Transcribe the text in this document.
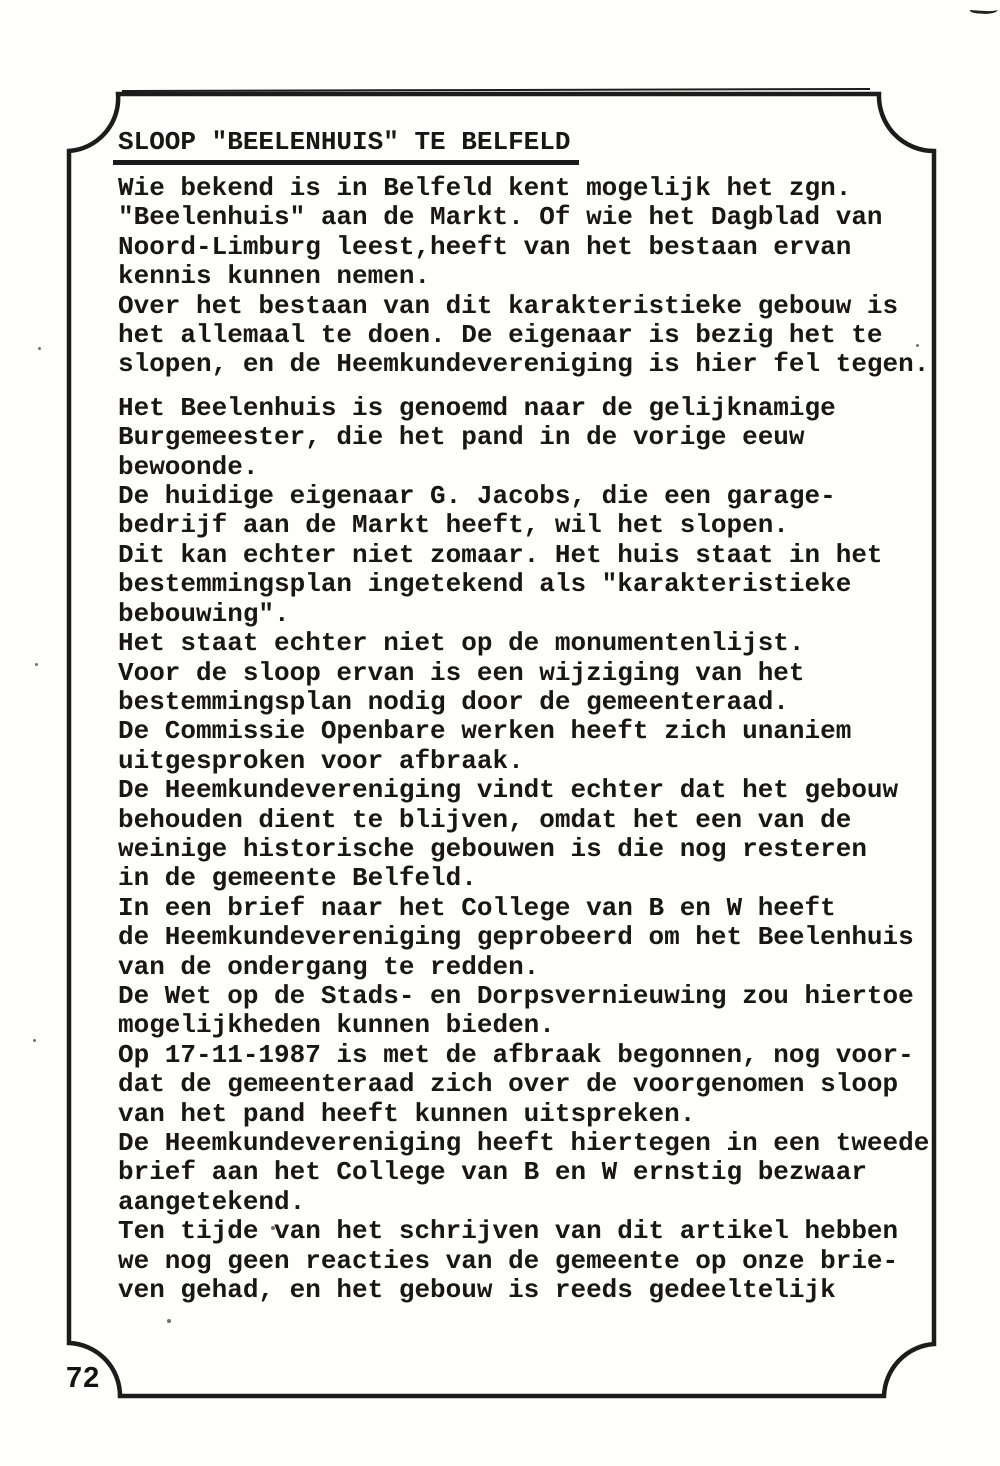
SLOOP "BEELENHUIS" TE BELFELD
Wie bekend is in Belfeld kent mogelijk het zgn.
"Beelenhuis" aan de Markt. Of wie het Dagblad van
Noord-Limburg leest,heeft van het bestaan ervan
kennis kunnen nemen.
Over het bestaan van dit karakteristieke gebouw is
het allemaal te doen. De eigenaar is bezig het te
slopen, en de Heemkundevereniging is hier fel tegen.
Het Beelenhuis is genoemd naar de gelijknamige
Burgemeester, die het pand in de vorige eeuw
bewoonde.
De huidige eigenaar G. Jacobs, die een garage-
bedrijf aan de Markt heeft, wil het slopen.
Dit kan echter niet zomaar. Het huis staat in het
bestemmingsplan ingetekend als "karakteristieke
bebouwing".
Het staat echter niet op de monumentenlijst.
Voor de sloop ervan is een wijziging van het
bestemmingsplan nodig door de gemeenteraad.
De Commissie Openbare werken heeft zich unaniem
uitgesproken voor afbraak.
De Heemkundevereniging vindt echter dat het gebouw
behouden dient te blijven, omdat het een van de
weinige historische gebouwen is die nog resteren
in de gemeente Belfeld.
In een brief naar het College van B en W heeft
de Heemkundevereniging geprobeerd om het Beelenhuis
van de ondergang te redden.
De Wet op de Stads- en Dorpsvernieuwing zou hiertoe
mogelijkheden kunnen bieden.
Op 17-11-1987 is met de afbraak begonnen, nog voor-
dat de gemeenteraad zich over de voorgenomen sloop
van het pand heeft kunnen uitspreken.
De Heemkundevereniging heeft hiertegen in een tweede
brief aan het College van B en W ernstig bezwaar
aangetekend.
Ten tijde van het schrijven van dit artikel hebben
we nog geen reacties van de gemeente op onze brie-
ven gehad, en het gebouw is reeds gedeeltelijk
72
